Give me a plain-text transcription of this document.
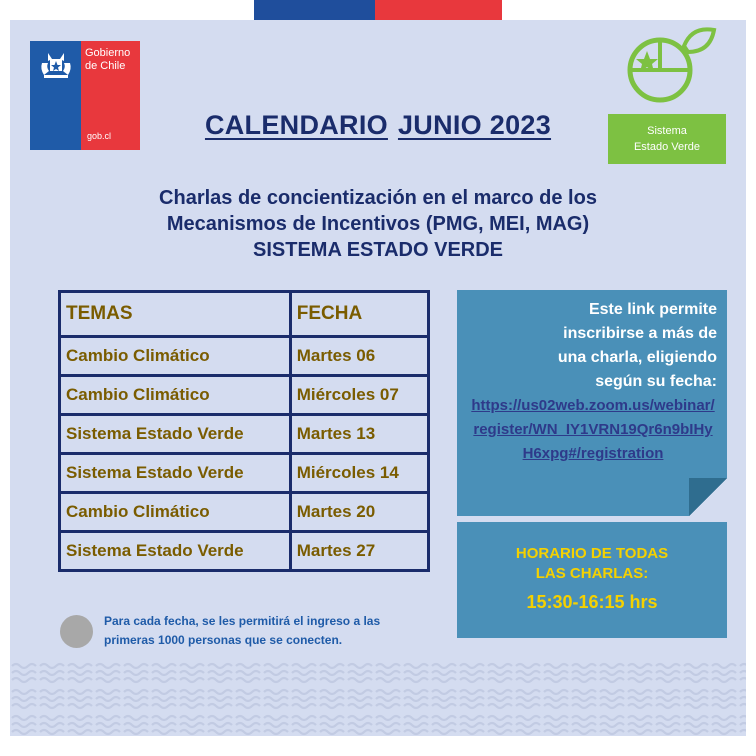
Gobierno
de Chile
gob.cl	Sistema
Estado Verde
CALENDARIO JUNIO 2023
Charlas de concientización en el marco de los
Mecanismos de Incentivos (PMG, MEI, MAG)
SISTEMA ESTADO VERDE
TEMAS	FECHA
Cambio Climático	Martes 06
Cambio Climático	Miércoles 07
Sistema Estado Verde	Martes 13
Sistema Estado Verde	Miércoles 14
Cambio Climático	Martes 20
Sistema Estado Verde	Martes 27
Para cada fecha, se les permitirá el ingreso a las primeras 1000 personas que se conecten.
Este link permite
inscribirse a más de
una charla, eligiendo
según su fecha:
https://us02web.zoom.us/webinar/register/WN_IY1VRN19Qr6n9bIHyH6xpg#/registration
HORARIO DE TODAS
LAS CHARLAS:
15:30-16:15 hrs
